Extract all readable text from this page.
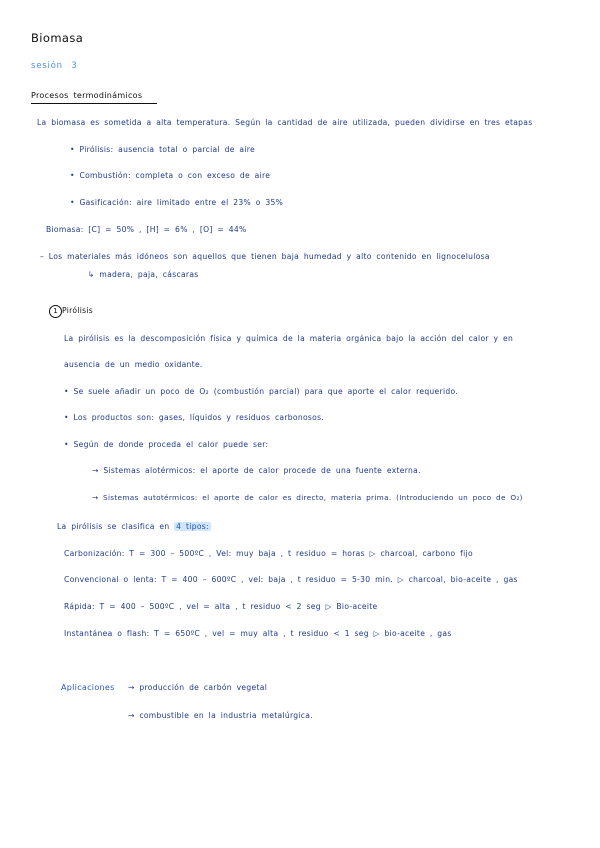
Biomasa
sesión 3
Procesos termodinámicos
La biomasa es sometida a alta temperatura. Según la cantidad de aire utilizada, pueden dividirse en tres etapas
• Pirólisis: ausencia total o parcial de aire
• Combustión: completa o con exceso de aire
• Gasificación: aire limitado entre el 23% o 35%
Biomasa: [C] = 50% , [H] = 6% , [O] = 44%
– Los materiales más idóneos son aquellos que tienen baja humedad y alto contenido en lignocelulosa
↳ madera, paja, cáscaras
1 Pirólisis
La pirólisis es la descomposición física y química de la materia orgánica bajo la acción del calor y en
ausencia de un medio oxidante.
• Se suele añadir un poco de O₂ (combustión parcial) para que aporte el calor requerido.
• Los productos son: gases, líquidos y residuos carbonosos.
• Según de donde proceda el calor puede ser:
→ Sistemas alotérmicos: el aporte de calor procede de una fuente externa.
→ Sistemas autotérmicos: el aporte de calor es directo, materia prima. (Introduciendo un poco de O₂)
La pirólisis se clasifica en 4 tipos:
Carbonización: T = 300 – 500ºC , Vel: muy baja , t residuo = horas ▷ charcoal, carbono fijo
Convencional o lenta: T = 400 – 600ºC , vel: baja , t residuo = 5-30 min. ▷ charcoal, bio-aceite , gas
Rápida: T = 400 – 500ºC , vel = alta , t residuo < 2 seg ▷ Bio-aceite
Instantánea o flash: T = 650ºC , vel = muy alta , t residuo < 1 seg ▷ bio-aceite , gas
Aplicaciones → producción de carbón vegetal
→ combustible en la industria metalúrgica.
